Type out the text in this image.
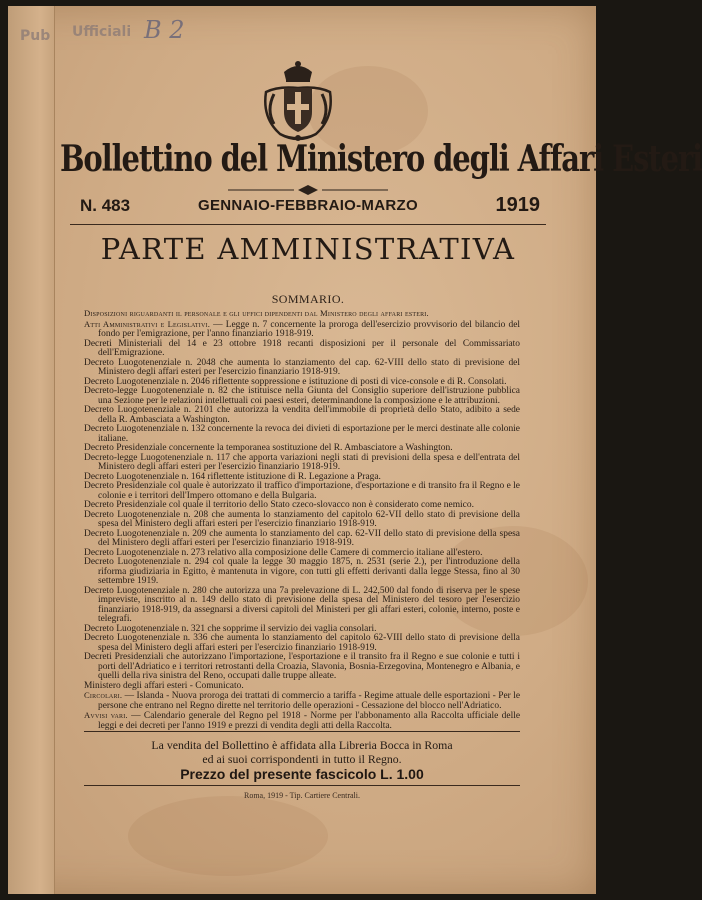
Pub Ufficiali B 2
Bollettino del Ministero degli Affari Esteri
N. 483	GENNAIO-FEBBRAIO-MARZO	1919
PARTE AMMINISTRATIVA
SOMMARIO.

Disposizioni riguardanti il personale e gli uffici dipendenti dal Ministero degli affari esteri.

Atti Amministrativi e Legislativi. — Legge n. 7 concernente la proroga dell'esercizio provvisorio del bilancio del fondo per l'emigrazione, per l'anno finanziario 1918-919.

Decreti Ministeriali del 14 e 23 ottobre 1918 recanti disposizioni per il personale del Commissariato dell'Emigrazione.

Decreto Luogotenenziale n. 2048 che aumenta lo stanziamento del cap. 62-VIII dello stato di previsione del Ministero degli affari esteri per l'esercizio finanziario 1918-919.

Decreto Luogotenenziale n. 2046 riflettente soppressione e istituzione di posti di vice-console e di R. Consolati.

Decreto-legge Luogotenenziale n. 82 che istituisce nella Giunta del Consiglio superiore dell'istruzione pubblica una Sezione per le relazioni intellettuali coi paesi esteri, determinandone la composizione e le attribuzioni.

Decreto Luogotenenziale n. 2101 che autorizza la vendita dell'immobile di proprietà dello Stato, adibito a sede della R. Ambasciata a Washington.

Decreto Luogotenenziale n. 132 concernente la revoca dei divieti di esportazione per le merci destinate alle colonie italiane.

Decreto Presidenziale concernente la temporanea sostituzione del R. Ambasciatore a Washington.

Decreto-legge Luogotenenziale n. 117 che apporta variazioni negli stati di previsioni della spesa e dell'entrata del Ministero degli affari esteri per l'esercizio finanziario 1918-919.

Decreto Luogotenenziale n. 164 riflettente istituzione di R. Legazione a Praga.

Decreto Presidenziale col quale è autorizzato il traffico d'importazione, d'esportazione e di transito fra il Regno e le colonie e i territori dell'Impero ottomano e della Bulgaria.

Decreto Presidenziale col quale il territorio dello Stato czeco-slovacco non è considerato come nemico.

Decreto Luogotenenziale n. 208 che aumenta lo stanziamento del capitolo 62-VII dello stato di previsione della spesa del Ministero degli affari esteri per l'esercizio finanziario 1918-919.

Decreto Luogotenenziale n. 209 che aumenta lo stanziamento del cap. 62-VII dello stato di previsione della spesa del Ministero degli affari esteri per l'esercizio finanziario 1918-919.

Decreto Luogotenenziale n. 273 relativo alla composizione delle Camere di commercio italiane all'estero.

Decreto Luogotenenziale n. 294 col quale la legge 30 maggio 1875, n. 2531 (serie 2.), per l'introduzione della riforma giudiziaria in Egitto, è mantenuta in vigore, con tutti gli effetti derivanti dalla legge Stessa, fino al 30 settembre 1919.

Decreto Luogotenenziale n. 280 che autorizza una 7a prelevazione di L. 242,500 dal fondo di riserva per le spese impreviste, inscritto al n. 149 dello stato di previsione della spesa del Ministero del tesoro per l'esercizio finanziario 1918-919, da assegnarsi a diversi capitoli del Ministeri per gli affari esteri, colonie, interno, poste e telegrafi.

Decreto Luogotenenziale n. 321 che sopprime il servizio dei vaglia consolari.

Decreto Luogotenenziale n. 336 che aumenta lo stanziamento del capitolo 62-VIII dello stato di previsione della spesa del Ministero degli affari esteri per l'esercizio finanziario 1918-919.

Decreti Presidenziali che autorizzano l'importazione, l'esportazione e il transito fra il Regno e sue colonie e tutti i porti dell'Adriatico e i territori retrostanti della Croazia, Slavonia, Bosnia-Erzegovina, Montenegro e Albania, e quelli della riva sinistra del Reno, occupati dalle truppe alleate.

Ministero degli affari esteri - Comunicato.

Circolari. — Islanda - Nuova proroga dei trattati di commercio a tariffa - Regime attuale delle esportazioni - Per le persone che entrano nel Regno dirette nel territorio delle operazioni - Cessazione del blocco nell'Adriatico.

Avvisi vari. — Calendario generale del Regno pel 1918 - Norme per l'abbonamento alla Raccolta ufficiale delle leggi e dei decreti per l'anno 1919 e prezzi di vendita degli atti della Raccolta.

La vendita del Bollettino è affidata alla Libreria Bocca in Roma
ed ai suoi corrispondenti in tutto il Regno.
Prezzo del presente fascicolo L. 1.00
Roma, 1919 - Tip. Cartiere Centrali.
